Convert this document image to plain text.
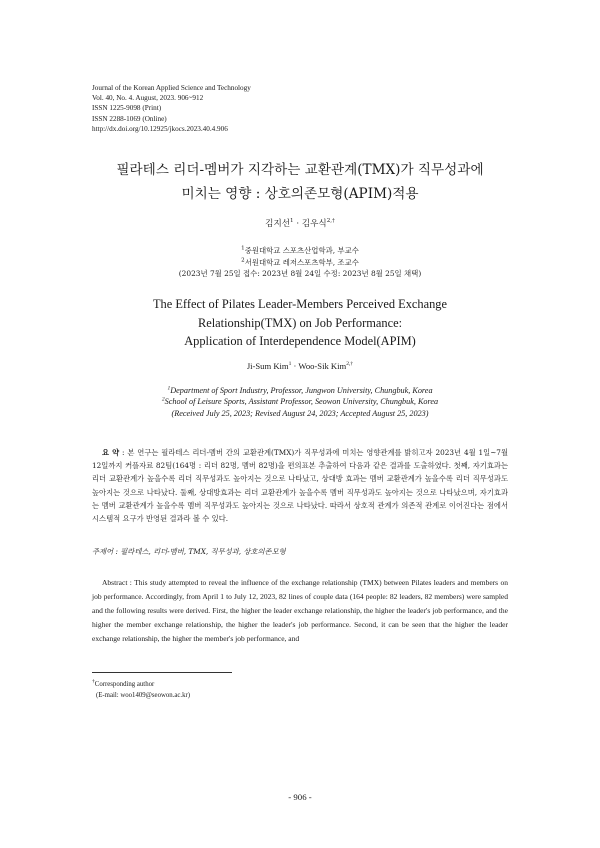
Journal of the Korean Applied Science and Technology
Vol. 40, No. 4. August, 2023. 906~912
ISSN 1225-9098 (Print)
ISSN 2288-1069 (Online)
http://dx.doi.org/10.12925/jkocs.2023.40.4.906
필라테스 리더-멤버가 지각하는 교환관계(TMX)가 직무성과에
미치는 영향 : 상호의존모형(APIM)적용
김지선$^1$ · 김우식$^{2,\dagger}$
$^1$중원대학교 스포츠산업학과, 부교수
$^2$서원대학교 레저스포츠학부, 조교수
(2023년 7월 25일 접수: 2023년 8월 24일 수정: 2023년 8월 25일 채택)
The Effect of Pilates Leader-Members Perceived Exchange
Relationship(TMX) on Job Performance:
Application of Interdependence Model(APIM)
Ji-Sum Kim$^1$ · Woo-Sik Kim$^{2,\dagger}$
$^1$Department of Sport Industry, Professor, Jungwon University, Chungbuk, Korea
$^2$School of Leisure Sports, Assistant Professor, Seowon University, Chungbuk, Korea
(Received July 25, 2023; Revised August 24, 2023; Accepted August 25, 2023)
요 약 : 본 연구는 필라테스 리더-멤버 간의 교환관계(TMX)가 직무성과에 미치는 영향관계를 밝히고자 2023년 4월 1일~7월 12일까지 커플자료 82팀(164명 : 리더 82명, 멤버 82명)을 편의표본 추출하여 다음과 같은 결과를 도출하였다. 첫째, 자기효과는 리더 교환관계가 높을수록 리더 직무성과도 높아지는 것으로 나타났고, 상대방 효과는 멤버 교환관계가 높을수록 리더 직무성과도 높아지는 것으로 나타났다. 둘째, 상대방효과는 리더 교환관계가 높을수록 멤버 직무성과도 높아지는 것으로 나타났으며, 자기효과는 멤버 교환관계가 높을수록 멤버 직무성과도 높아지는 것으로 나타났다. 따라서 상호적 관계가 의존적 관계로 이어진다는 점에서 시스템적 요구가 반영된 결과라 볼 수 있다.
주제어 : 필라테스, 리더-멤버, TMX, 직무성과, 상호의존모형
Abstract : This study attempted to reveal the influence of the exchange relationship (TMX) between Pilates leaders and members on job performance. Accordingly, from April 1 to July 12, 2023, 82 lines of couple data (164 people: 82 leaders, 82 members) were sampled and the following results were derived. First, the higher the leader exchange relationship, the higher the leader's job performance, and the higher the member exchange relationship, the higher the leader's job performance. Second, it can be seen that the higher the leader exchange relationship, the higher the member's job performance, and
†Corresponding author
(E-mail: woo1409@seowon.ac.kr)
- 906 -
